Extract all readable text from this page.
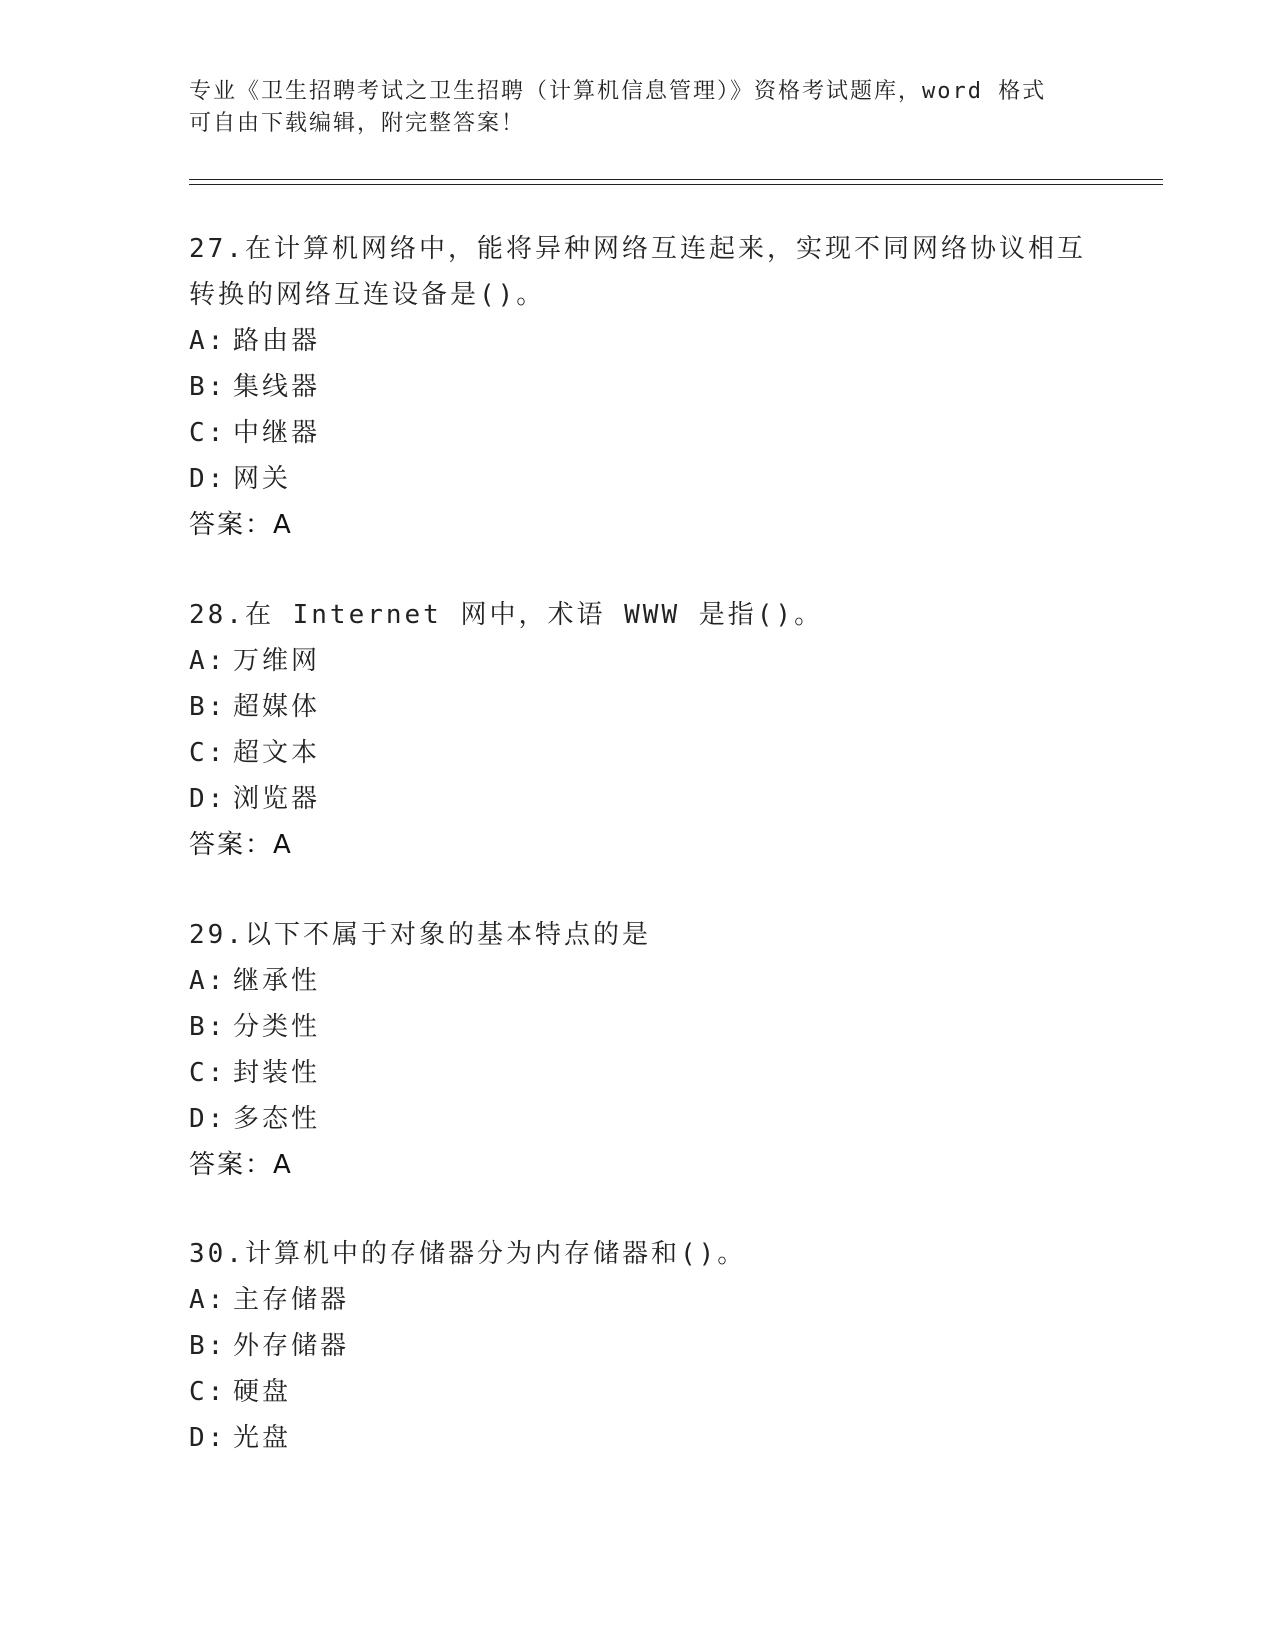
专业《卫生招聘考试之卫生招聘（计算机信息管理）》资格考试题库，word 格式
可自由下载编辑，附完整答案！
27.在计算机网络中，能将异种网络互连起来，实现不同网络协议相互
转换的网络互连设备是()。
A: 路由器
B: 集线器
C: 中继器
D: 网关
答案：A
28.在 Internet 网中，术语 WWW 是指()。
A: 万维网
B: 超媒体
C: 超文本
D: 浏览器
答案：A
29.以下不属于对象的基本特点的是
A: 继承性
B: 分类性
C: 封装性
D: 多态性
答案：A
30.计算机中的存储器分为内存储器和()。
A: 主存储器
B: 外存储器
C: 硬盘
D: 光盘
